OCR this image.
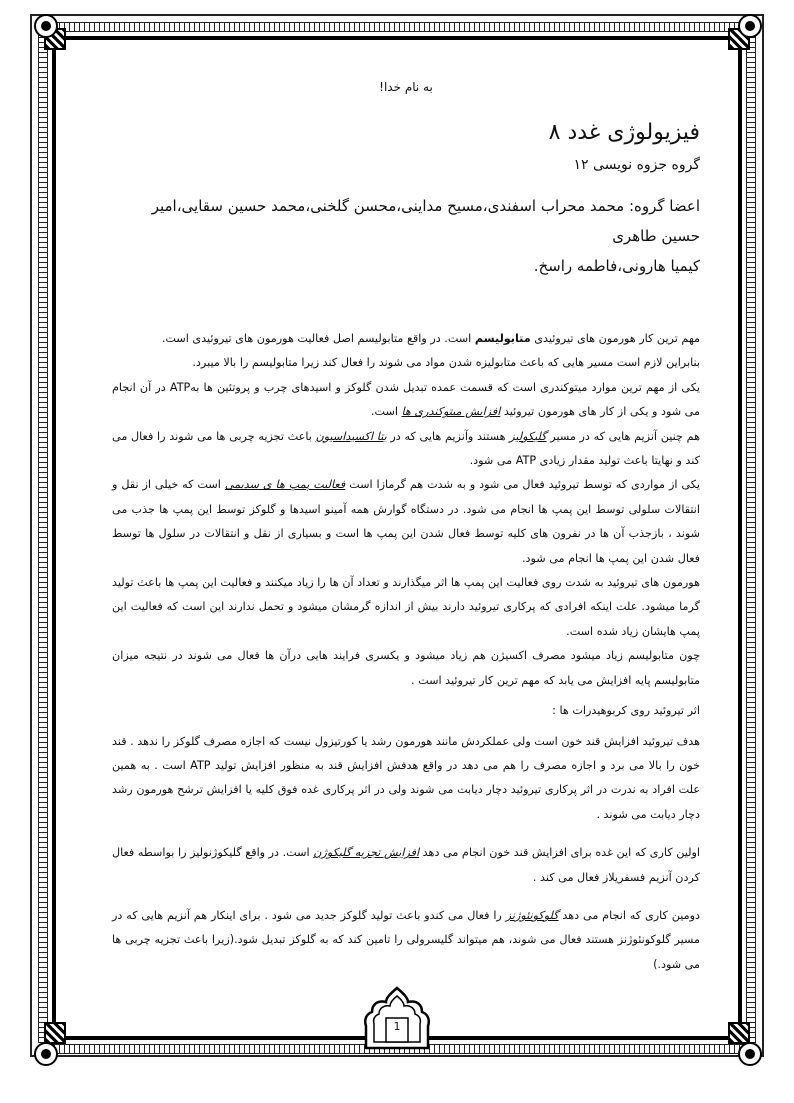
به نام خدا!

فیزیولوژی غدد ۸

گروه جزوه نویسی ۱۲

اعضا گروه: محمد محراب اسفندی،مسیح مداینی،محسن گلخنی،محمد حسین سقایی،امیر حسین طاهری
کیمیا هارونی،فاطمه راسخ.

مهم ترین کار هورمون های تیروئیدی متابولیسم است. در واقع متابولیسم اصل فعالیت هورمون های تیروئیدی است.

بنابراین لازم است مسیر هایی که باعث متابولیزه شدن مواد می شوند را فعال کند زیرا متابولیسم را بالا میبرد.

یکی از مهم ترین موارد میتوکندری است که قسمت عمده تبدیل شدن گلوکز و اسیدهای چرب و پروتئین ها بهATP در آن انجام می شود و یکی از کار های هورمون تیروئید افزایش میتوکندری ها است.

هم چنین آنزیم هایی که در مسیر گلیکولیز هستند وآنزیم هایی که در بتا اکسیداسیون باعث تجزیه چربی ها می شوند را فعال می کند و نهایتا باعث تولید مقدار زیادی ATP می شود.

یکی از مواردی که توسط تیروئید فعال می شود و به شدت هم گرمازا است فعالیت پمپ ها ی سدیمی است که خیلی از نقل و انتقالات سلولی توسط این پمپ ها انجام می شود. در دستگاه گوارش همه آمینو اسیدها و گلوکز توسط این پمپ ها جذب می شوند ، بازجذب آن ها در نفرون های کلیه توسط فعال شدن این پمپ ها است و بسیاری از نقل و انتقالات در سلول ها توسط فعال شدن این پمپ ها انجام می شود.

هورمون های تیروئید به شدت روی فعالیت این پمپ ها اثر میگذارند و تعداد آن ها را زیاد میکنند و فعالیت این پمپ ها باعث تولید گرما میشود. علت اینکه افرادی که پرکاری تیروئید دارند بیش از اندازه گرمشان میشود و تحمل ندارند این است که فعالیت این پمپ هایشان زیاد شده است.

چون متابولیسم زیاد میشود مصرف اکسیژن هم زیاد میشود و یکسری فرایند هایی درآن ها فعال می شوند در نتیجه میزان متابولیسم پایه افزایش می یابد که مهم ترین کار تیروئید است .

اثر تیروئید روی کربوهیدرات ها :

هدف تیروئید افزایش قند خون است ولی عملکردش مانند هورمون رشد یا کورتیزول نیست که اجازه مصرف گلوکز را ندهد . قند خون را بالا می برد و اجازه مصرف را هم می دهد در واقع هدفش افزایش قند به منظور افزایش تولید ATP است . به همین علت افراد به ندرت در اثر پرکاری تیروئید دچار دیابت می شوند ولی در اثر پرکاری غده فوق کلیه یا افزایش ترشح هورمون رشد دچار دیابت می شوند .

اولین کاری که این غده برای افزایش قند خون انجام می دهد افزایش تجزیه گلیکوژن است. در واقع گلیکوژنولیز را بواسطه فعال کردن آنزیم فسفریلاز فعال می کند .

دومین کاری که انجام می دهد گلوکونئوژنز را فعال می کندو باعث تولید گلوکز جدید می شود . برای اینکار هم آنزیم هایی که در مسیر گلوکونئوژنز هستند فعال می شوند، هم میتواند گلیسرولی را تامین کند که به گلوکز تبدیل شود.(زیرا باعث تجزیه چربی ها می شود.)

1
